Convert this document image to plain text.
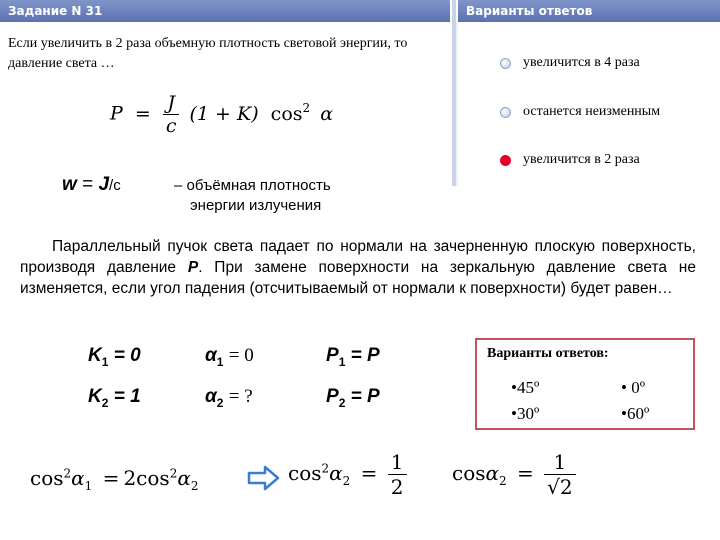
Задание N 31	Варианты ответов
Если увеличить в 2 раза объемную плотность световой энергии, то давление света …
$P = \frac{J}{c} (1 + K)$ $\cos^2 \alpha$
увеличится в 4 раза
останется неизменным
увеличится в 2 раза
w = J/c	– объёмная плотность
энергии излучения
Параллельный пучок света падает по нормали на зачерненную плоскую поверхность, производя давление P. При замене поверхности на зеркальную давление света не изменяется, если угол падения (отсчитываемый от нормали к поверхности) будет равен…
$K_1 = 0$	$\alpha_1 = 0$	$P_1 = P$
$K_2 = 1$	$\alpha_2$ = ?	$P_2 = P$
Варианты ответов:
•45º	• 0º
•30º	•60º
$\cos^2\alpha_1 = 2\cos^2\alpha_2$
$\cos^2\alpha_2 = \frac{1}{2} \cos\alpha_2 = \frac{1}{√2}$
